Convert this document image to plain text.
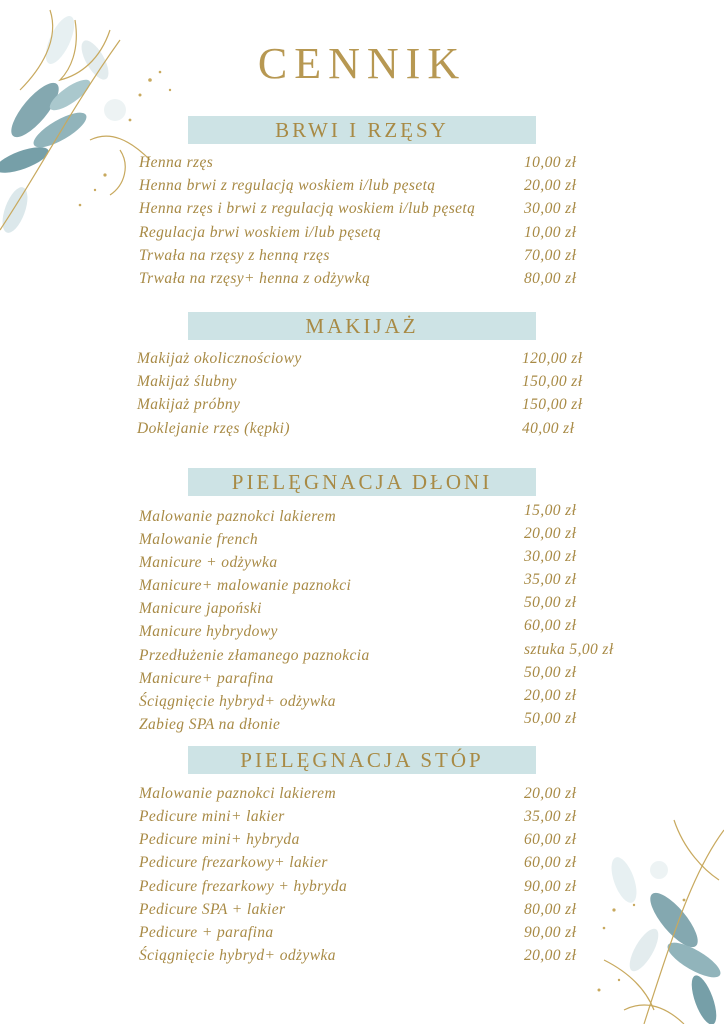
CENNIK
BRWI I RZĘSY
Henna rzęs	10,00 zł
Henna brwi z regulacją woskiem i/lub pęsetą	20,00 zł
Henna rzęs i brwi z regulacją woskiem i/lub pęsetą	30,00 zł
Regulacja brwi woskiem i/lub pęsetą	10,00 zł
Trwała na rzęsy z henną rzęs	70,00 zł
Trwała na rzęsy+ henna z odżywką	80,00 zł
MAKIJAŻ
Makijaż okolicznościowy	120,00 zł
Makijaż ślubny	150,00 zł
Makijaż próbny	150,00 zł
Doklejanie rzęs (kępki)	40,00 zł
PIELĘGNACJA DŁONI
Malowanie paznokci lakierem	15,00 zł
Malowanie french	20,00 zł
Manicure + odżywka	30,00 zł
Manicure+ malowanie paznokci	35,00 zł
Manicure japoński	50,00 zł
Manicure hybrydowy	60,00 zł
Przedłużenie złamanego paznokcia	sztuka 5,00 zł
Manicure+ parafina	50,00 zł
Ściągnięcie hybryd+ odżywka	20,00 zł
Zabieg SPA na dłonie	50,00 zł
PIELĘGNACJA STÓP
Malowanie paznokci lakierem	20,00 zł
Pedicure mini+ lakier	35,00 zł
Pedicure mini+ hybryda	60,00 zł
Pedicure frezarkowy+ lakier	60,00 zł
Pedicure frezarkowy + hybryda	90,00 zł
Pedicure SPA + lakier	80,00 zł
Pedicure + parafina	90,00 zł
Ściągnięcie hybryd+ odżywka	20,00 zł
